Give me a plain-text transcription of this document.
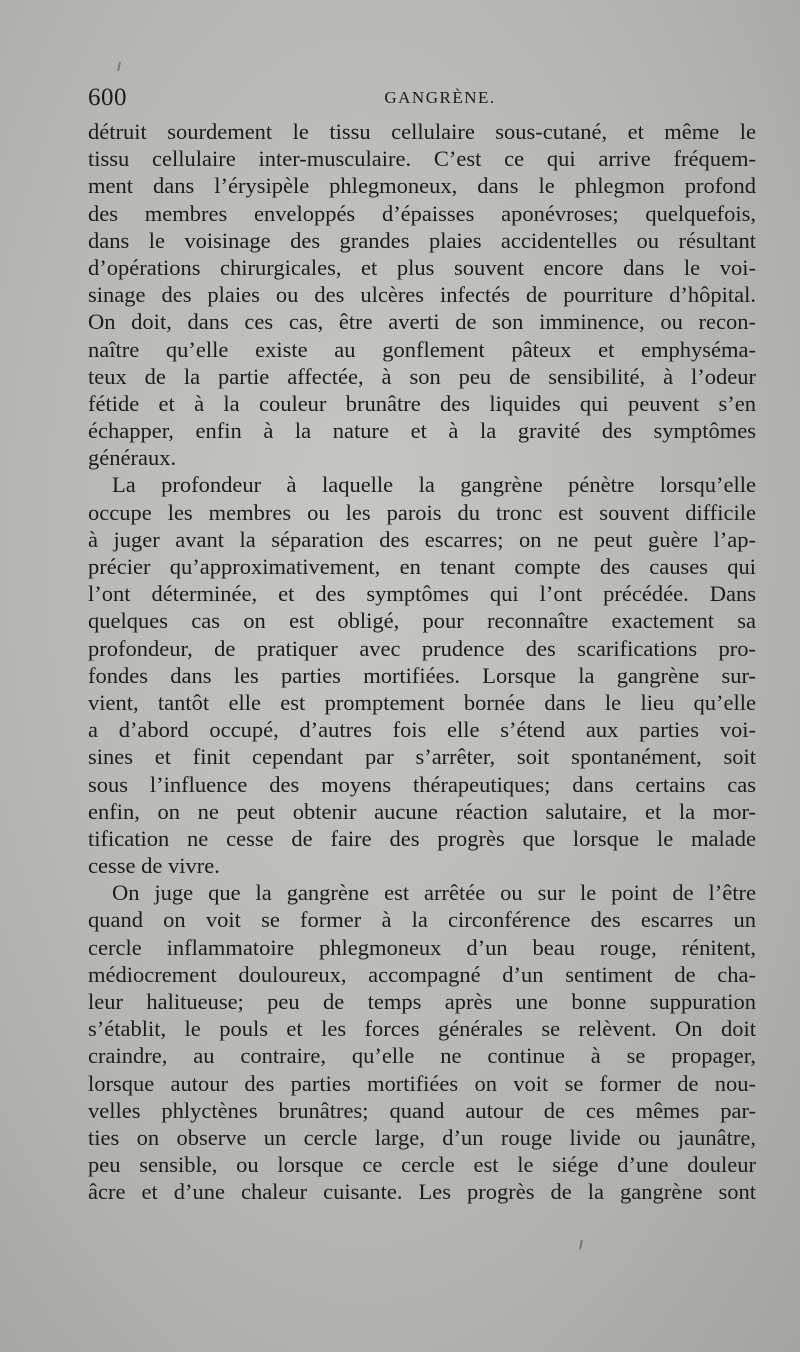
600	GANGRÈNE.
détruit sourdement le tissu cellulaire sous-cutané, et même le
tissu cellulaire inter-musculaire. C’est ce qui arrive fréquem-
ment dans l’érysipèle phlegmoneux, dans le phlegmon profond
des membres enveloppés d’épaisses aponévroses; quelquefois,
dans le voisinage des grandes plaies accidentelles ou résultant
d’opérations chirurgicales, et plus souvent encore dans le voi-
sinage des plaies ou des ulcères infectés de pourriture d’hôpital.
On doit, dans ces cas, être averti de son imminence, ou recon-
naître qu’elle existe au gonflement pâteux et emphyséma-
teux de la partie affectée, à son peu de sensibilité, à l’odeur
fétide et à la couleur brunâtre des liquides qui peuvent s’en
échapper, enfin à la nature et à la gravité des symptômes
généraux.
La profondeur à laquelle la gangrène pénètre lorsqu’elle
occupe les membres ou les parois du tronc est souvent difficile
à juger avant la séparation des escarres; on ne peut guère l’ap-
précier qu’approximativement, en tenant compte des causes qui
l’ont déterminée, et des symptômes qui l’ont précédée. Dans
quelques cas on est obligé, pour reconnaître exactement sa
profondeur, de pratiquer avec prudence des scarifications pro-
fondes dans les parties mortifiées. Lorsque la gangrène sur-
vient, tantôt elle est promptement bornée dans le lieu qu’elle
a d’abord occupé, d’autres fois elle s’étend aux parties voi-
sines et finit cependant par s’arrêter, soit spontanément, soit
sous l’influence des moyens thérapeutiques; dans certains cas
enfin, on ne peut obtenir aucune réaction salutaire, et la mor-
tification ne cesse de faire des progrès que lorsque le malade
cesse de vivre.
On juge que la gangrène est arrêtée ou sur le point de l’être
quand on voit se former à la circonférence des escarres un
cercle inflammatoire phlegmoneux d’un beau rouge, rénitent,
médiocrement douloureux, accompagné d’un sentiment de cha-
leur halitueuse; peu de temps après une bonne suppuration
s’établit, le pouls et les forces générales se relèvent. On doit
craindre, au contraire, qu’elle ne continue à se propager,
lorsque autour des parties mortifiées on voit se former de nou-
velles phlyctènes brunâtres; quand autour de ces mêmes par-
ties on observe un cercle large, d’un rouge livide ou jaunâtre,
peu sensible, ou lorsque ce cercle est le siége d’une douleur
âcre et d’une chaleur cuisante. Les progrès de la gangrène sont
